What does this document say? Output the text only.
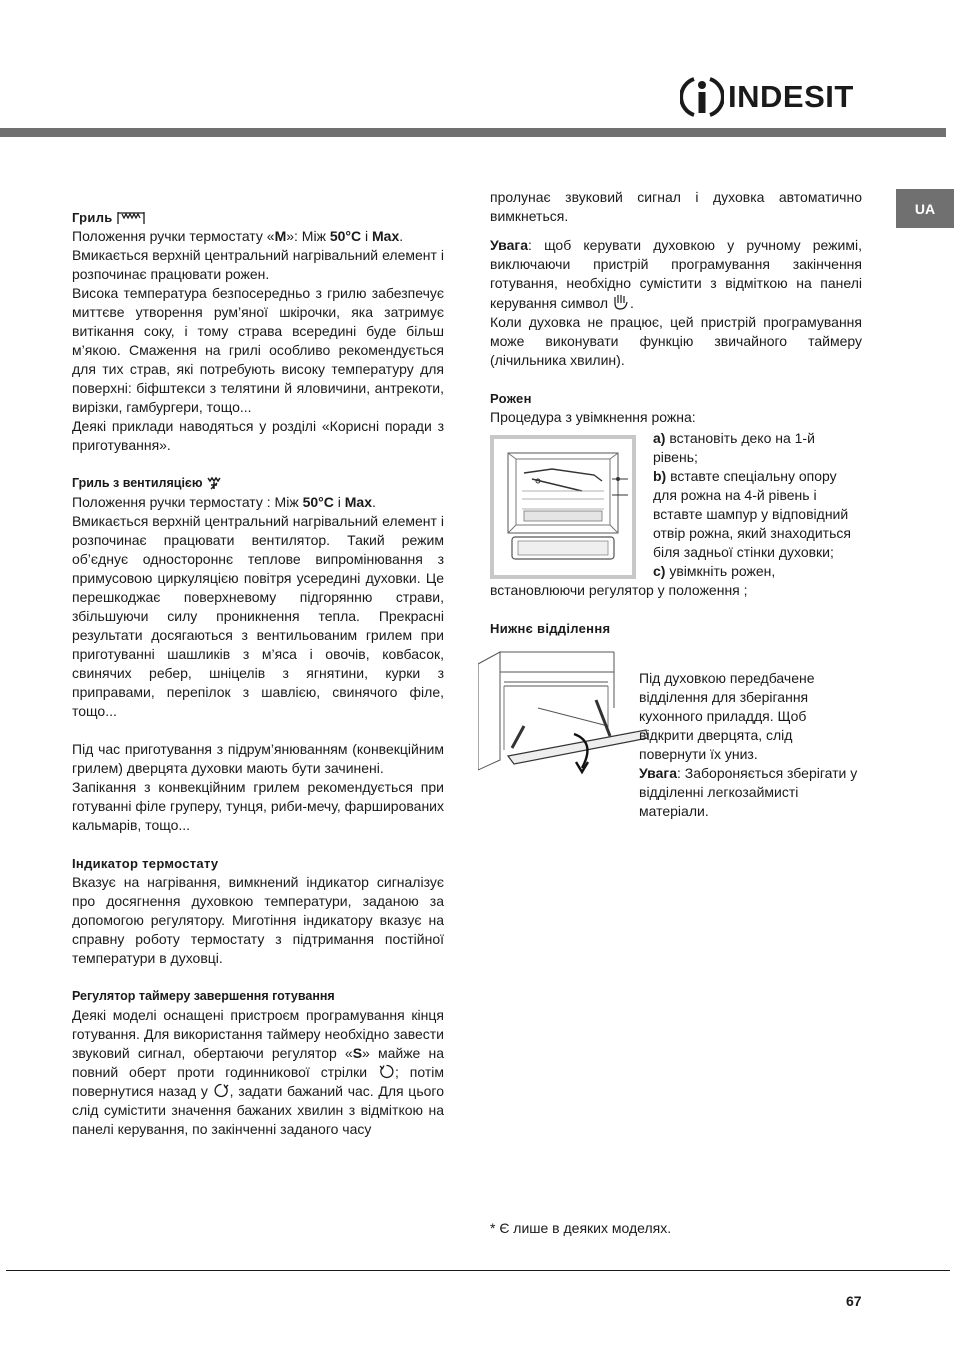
INDESIT
UA
Гриль

Положення ручки термостату «M»: Між 50°C і Max.

Вмикається верхній центральний нагрівальний елемент і розпочинає працювати рожен.

Висока температура безпосередньо з грилю забезпечує миттєве утворення рум’яної шкірочки, яка затримує витікання соку, і тому страва всередині буде більш м’якою. Смаження на грилі особливо рекомендується для тих страв, які потребують високу температуру для поверхні: біфштекси з телятини й яловичини, антрекоти, вирізки, гамбургери, тощо...

Деякі приклади наводяться у розділі «Корисні поради з приготування».

Гриль з вентиляцією

Положення ручки термостату : Між 50°C і Max.

Вмикається верхній центральний нагрівальний елемент і розпочинає працювати вентилятор. Такий режим об’єднує одностороннє теплове випромінювання з примусовою циркуляцією повітря усередині духовки. Це перешкоджає поверхневому підгорянню страви, збільшуючи силу проникнення тепла. Прекрасні результати досягаються з вентильованим грилем при приготуванні шашликів з м’яса і овочів, ковбасок, свинячих ребер, шніцелів з ягнятини, курки з приправами, перепілок з шавлією, свинячого філе, тощо...

Під час приготування з підрум’янюванням (конвекційним грилем) дверцята духовки мають бути зачинені.

Запікання з конвекційним грилем рекомендується при готуванні філе груперу, тунця, риби-мечу, фаршированих кальмарів, тощо...

Індикатор термостату

Вказує на нагрівання, вимкнений індикатор сигналізує про досягнення духовкою температури, заданою за допомогою регулятору. Миготіння індикатору вказує на справну роботу термостату з підтримання постійної температури в духовці.

Регулятор таймеру завершення готування

Деякі моделі оснащені пристроєм програмування кінця готування. Для використання таймеру необхідно завести звуковий сигнал, обертаючи регулятор «S» майже на повний оберт проти годинникової стрілки ; потім повернутися назад у , задати бажаний час. Для цього слід сумістити значення бажаних хвилин з відміткою на панелі керування, по закінченні заданого часу

пролунає звуковий сигнал і духовка автоматично вимкнеться.

Увага: щоб керувати духовкою у ручному режимі, виключаючи пристрій програмування закінчення готування, необхідно сумістити з відміткою на панелі керування символ .

Коли духовка не працює, цей пристрій програмування може виконувати функцію звичайного таймеру (лічильника хвилин).

Рожен

Процедура з увімкнення рожна:

a) встановіть деко на 1-й рівень;
b) вставте спеціальну опору для рожна на 4-й рівень і вставте шампур у відповідний отвір рожна, який знаходиться біля задньої стінки духовки;
c) увімкніть рожен,

встановлюючи регулятор у положення ;

Нижнє відділення
Під духовкою передбачене відділення для зберігання кухонного приладдя. Щоб відкрити дверцята, слід повернути їх униз.
Увага: Забороняється зберігати у відділенні легкозаймисті матеріали.
* Є лише в деяких моделях.
67
